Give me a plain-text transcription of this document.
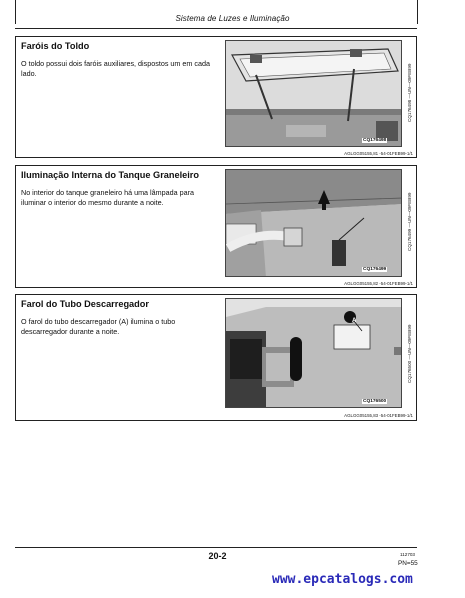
Sistema de Luzes e Iluminação
Faróis do Toldo
O toldo possui dois faróis auxiliares, dispostos um em cada lado.
CQ176498
CQ176498 —UN—09FEB99
AGLGG05155,81 -54-01FEB99-1/1
Iluminação Interna do Tanque Graneleiro
No interior do tanque graneleiro há uma lâmpada para iluminar o interior do mesmo durante a noite.
CQ176499
CQ176499 —UN—09FEB99
AGLGG05155,82 -54-01FEB99-1/1
Farol do Tubo Descarregador
O farol do tubo descarregador (A) ilumina o tubo descarregador durante a noite.
A
CQ176500
CQ176500 —UN—09FEB99
AGLGG05155,83 -54-01FEB99-1/1
20-2	112703
PN=55
www.epcatalogs.com
